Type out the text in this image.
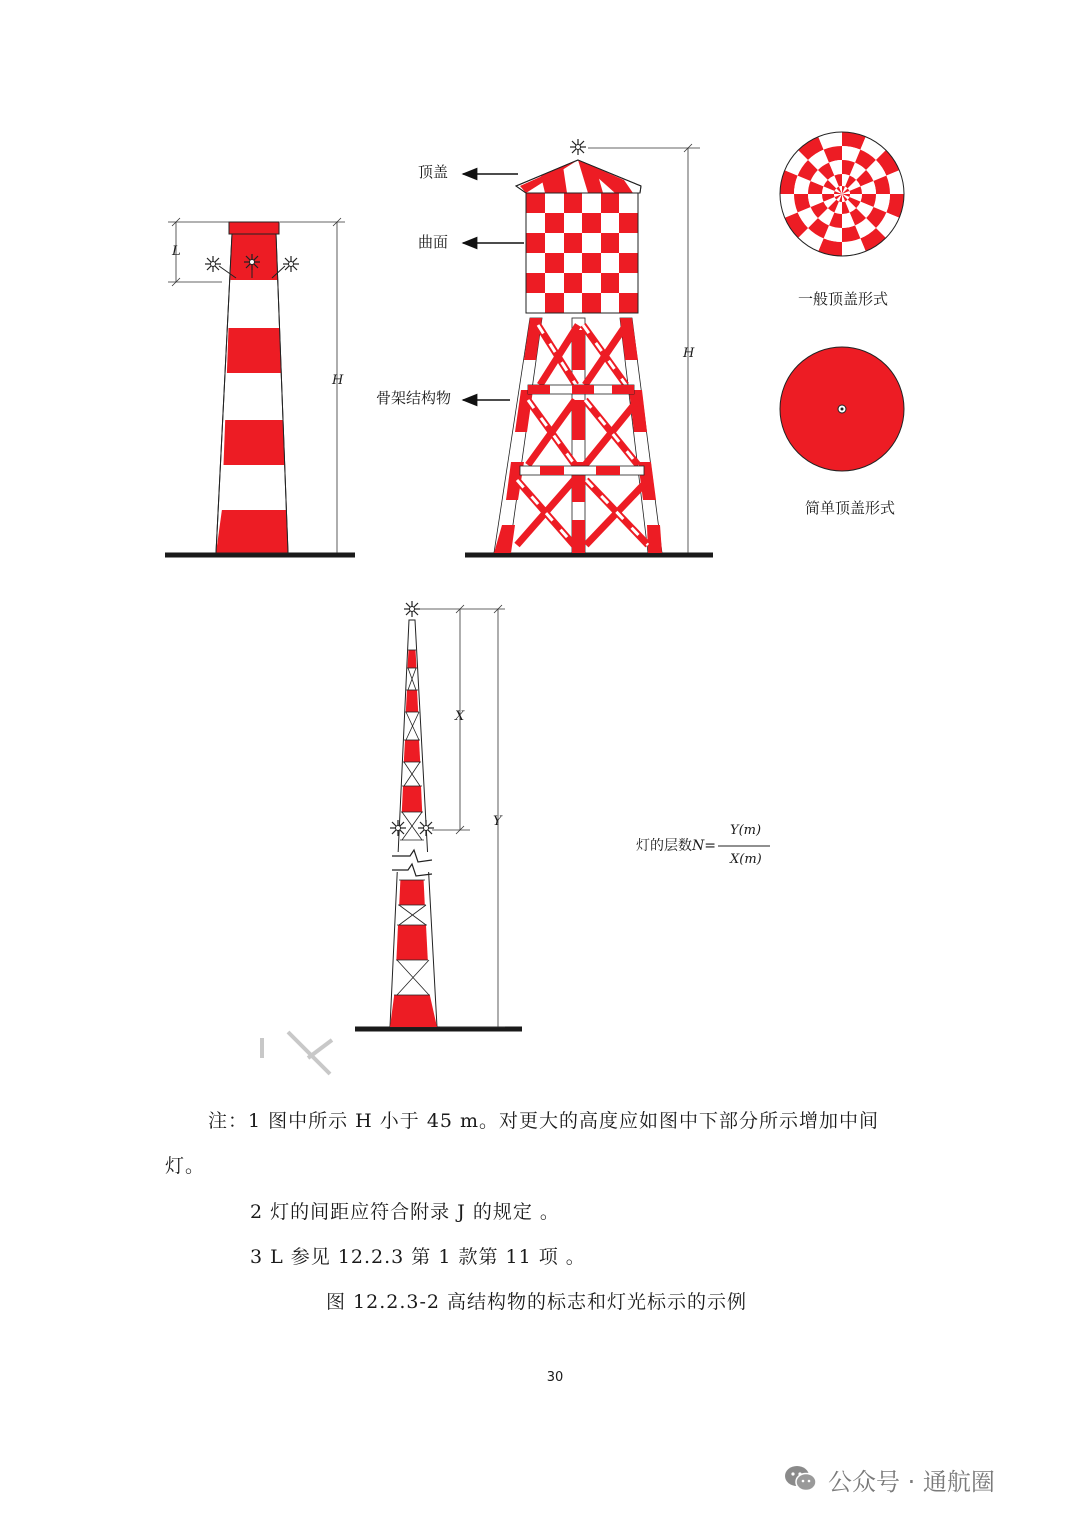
顶盖
曲面
骨架结构物
一般顶盖形式
简单顶盖形式
L
H
H
X
Y
灯的层数N=
Y(m)
X(m)
注：1 图中所示 H 小于 45 m。对更大的高度应如图中下部分所示增加中间
灯。
2 灯的间距应符合附录 J 的规定 。
3 L 参见 12.2.3 第 1 款第 11 项 。
图 12.2.3-2 高结构物的标志和灯光标示的示例
30
公众号 · 通航圈
